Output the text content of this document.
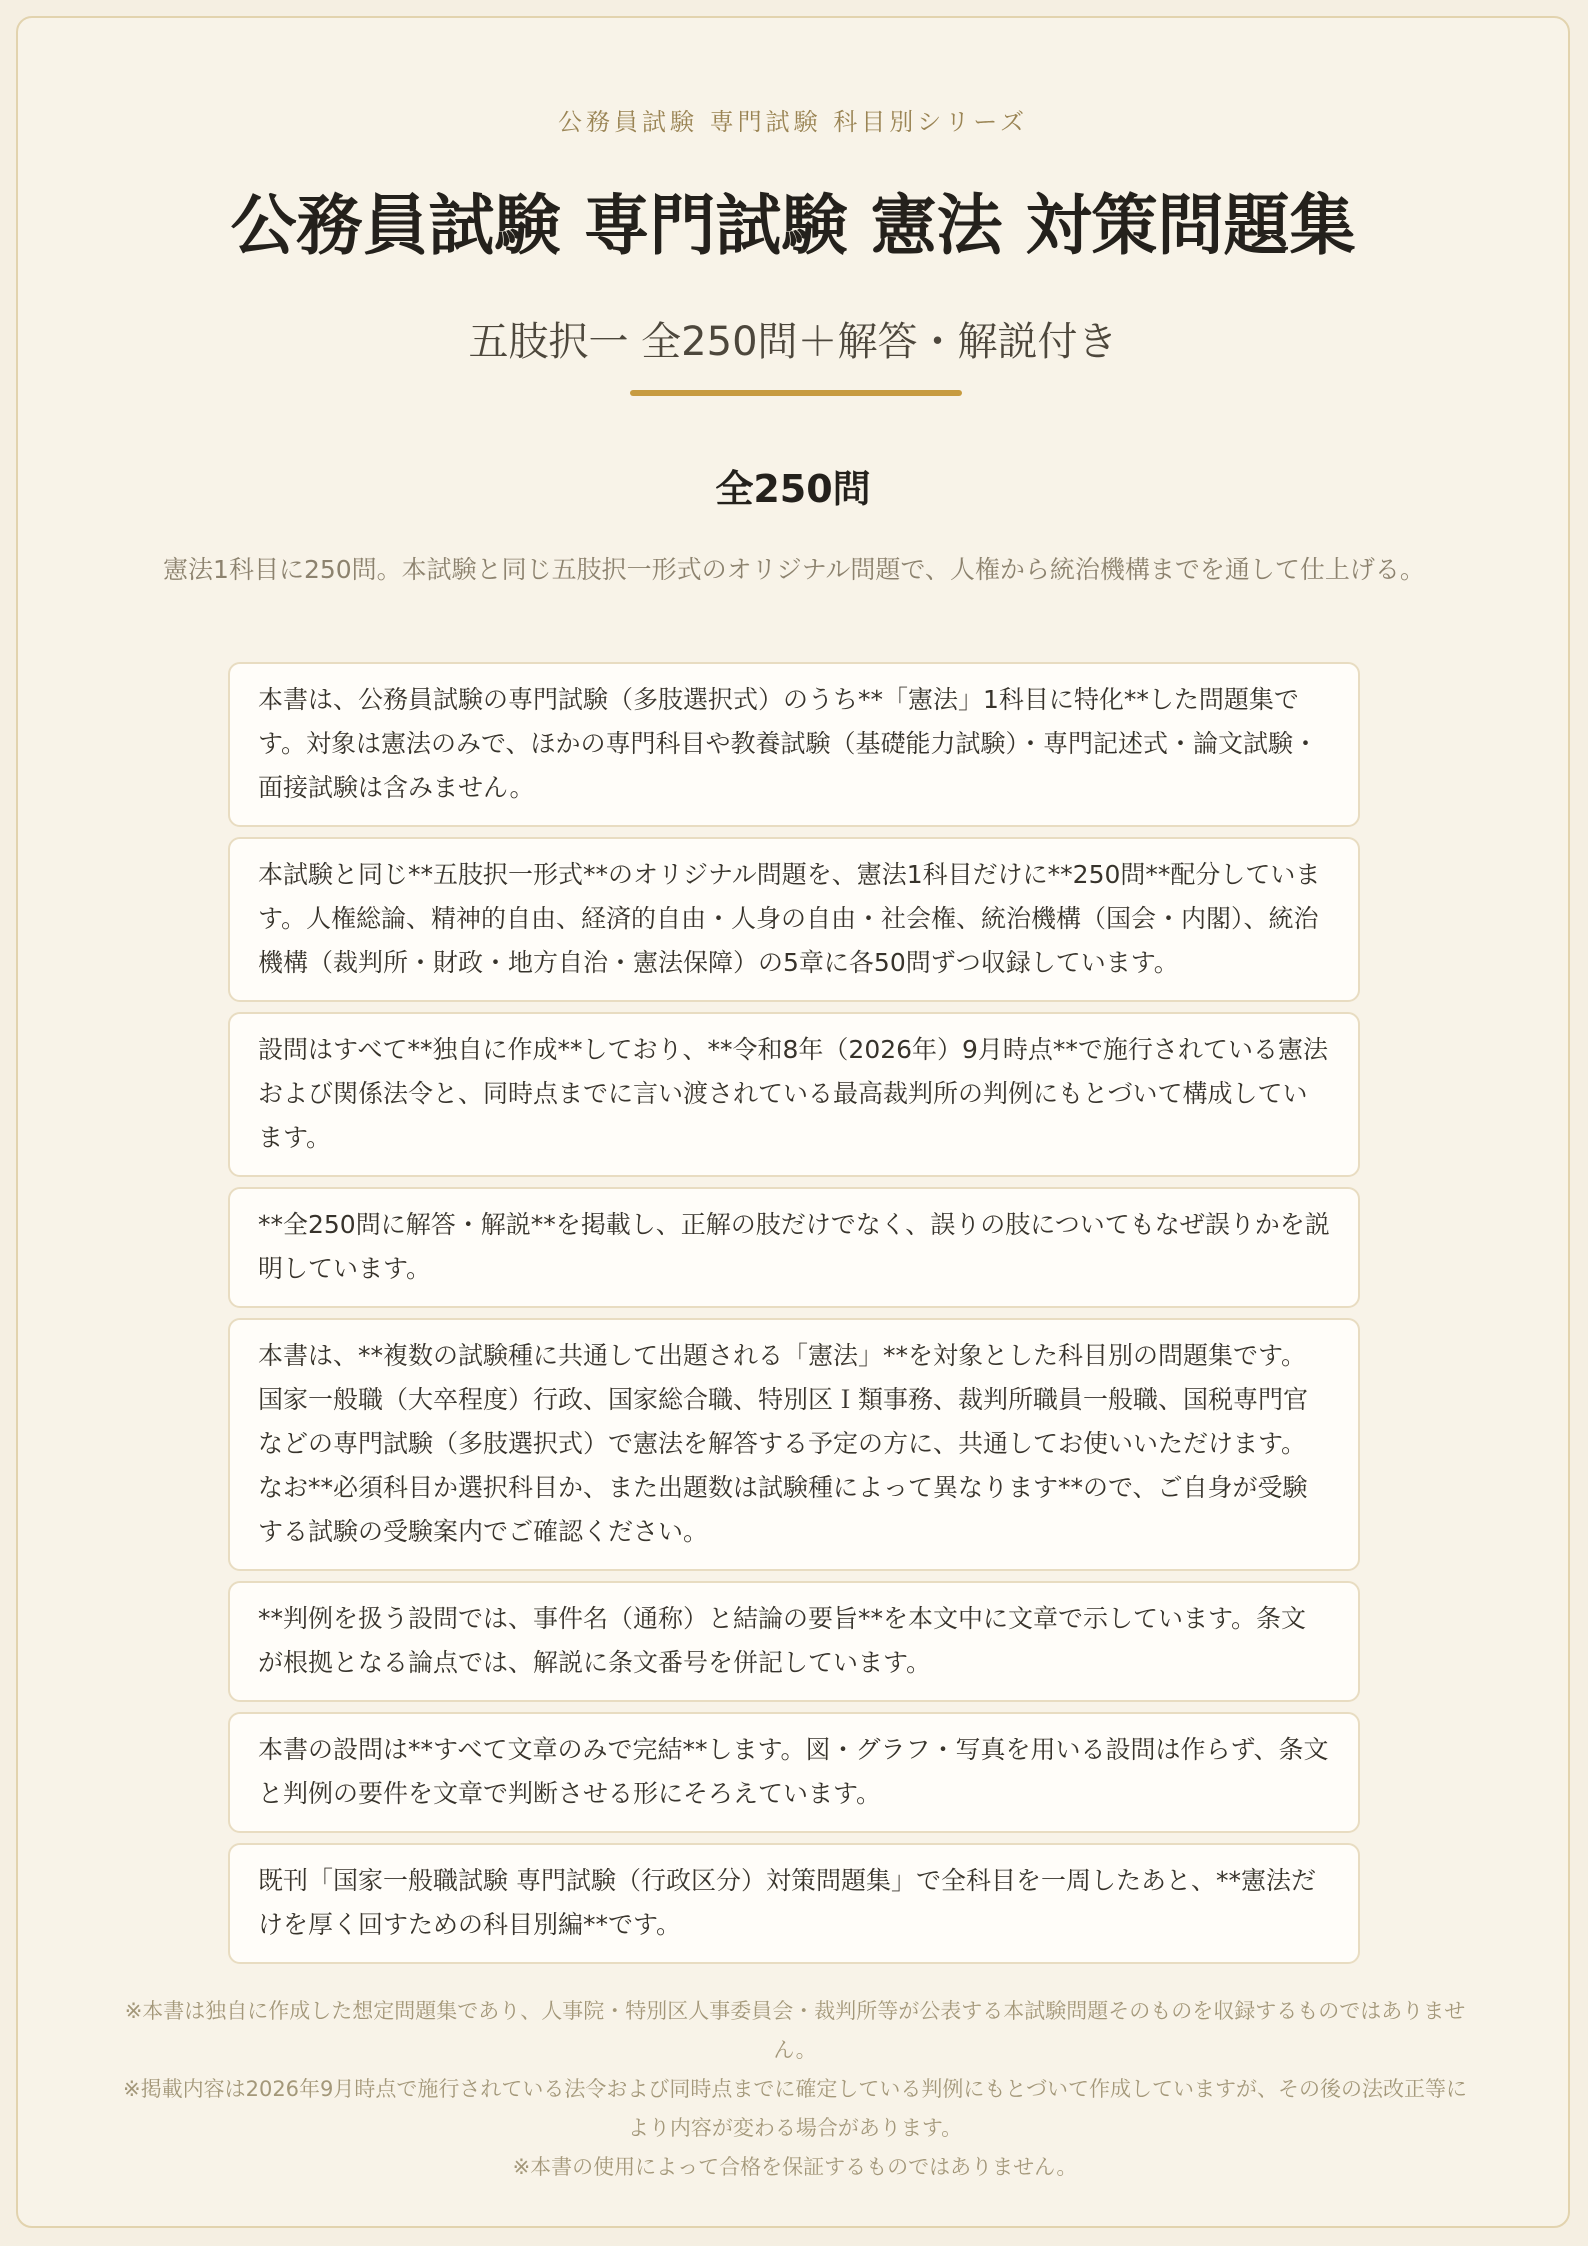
公務員試験 専門試験 科目別シリーズ
公務員試験 専門試験 憲法 対策問題集
五肢択一 全250問＋解答・解説付き
全250問
憲法1科目に250問。本試験と同じ五肢択一形式のオリジナル問題で、人権から統治機構までを通して仕上げる。
本書は、公務員試験の専門試験（多肢選択式）のうち**「憲法」1科目に特化**した問題集です。対象は憲法のみで、ほかの専門科目や教養試験（基礎能力試験）・専門記述式・論文試験・面接試験は含みません。
本試験と同じ**五肢択一形式**のオリジナル問題を、憲法1科目だけに**250問**配分しています。人権総論、精神的自由、経済的自由・人身の自由・社会権、統治機構（国会・内閣）、統治機構（裁判所・財政・地方自治・憲法保障）の5章に各50問ずつ収録しています。
設問はすべて**独自に作成**しており、**令和8年（2026年）9月時点**で施行されている憲法および関係法令と、同時点までに言い渡されている最高裁判所の判例にもとづいて構成しています。
**全250問に解答・解説**を掲載し、正解の肢だけでなく、誤りの肢についてもなぜ誤りかを説明しています。
本書は、**複数の試験種に共通して出題される「憲法」**を対象とした科目別の問題集です。国家一般職（大卒程度）行政、国家総合職、特別区Ｉ類事務、裁判所職員一般職、国税専門官などの専門試験（多肢選択式）で憲法を解答する予定の方に、共通してお使いいただけます。なお**必須科目か選択科目か、また出題数は試験種によって異なります**ので、ご自身が受験する試験の受験案内でご確認ください。
**判例を扱う設問では、事件名（通称）と結論の要旨**を本文中に文章で示しています。条文が根拠となる論点では、解説に条文番号を併記しています。
本書の設問は**すべて文章のみで完結**します。図・グラフ・写真を用いる設問は作らず、条文と判例の要件を文章で判断させる形にそろえています。
既刊「国家一般職試験 専門試験（行政区分）対策問題集」で全科目を一周したあと、**憲法だけを厚く回すための科目別編**です。

※本書は独自に作成した想定問題集であり、人事院・特別区人事委員会・裁判所等が公表する本試験問題そのものを収録するものではありません。

※掲載内容は2026年9月時点で施行されている法令および同時点までに確定している判例にもとづいて作成していますが、その後の法改正等により内容が変わる場合があります。

※本書の使用によって合格を保証するものではありません。
